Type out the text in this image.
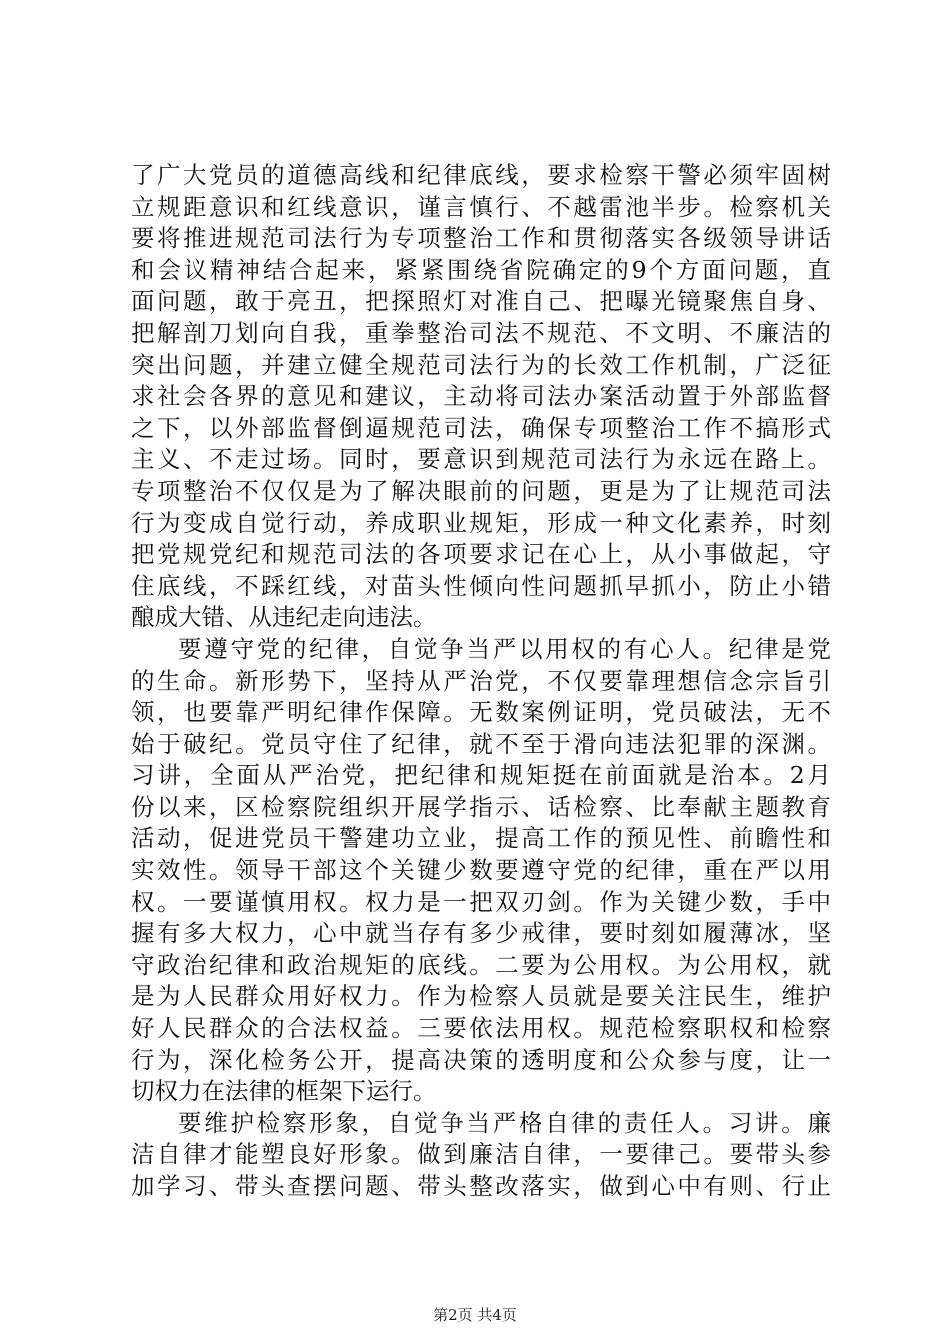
了广大党员的道德高线和纪律底线，要求检察干警必须牢固树
立规距意识和红线意识，谨言慎行、不越雷池半步。检察机关
要将推进规范司法行为专项整治工作和贯彻落实各级领导讲话
和会议精神结合起来，紧紧围绕省院确定的9个方面问题，直
面问题，敢于亮丑，把探照灯对准自己、把曝光镜聚焦自身、
把解剖刀划向自我，重拳整治司法不规范、不文明、不廉洁的
突出问题，并建立健全规范司法行为的长效工作机制，广泛征
求社会各界的意见和建议，主动将司法办案活动置于外部监督
之下，以外部监督倒逼规范司法，确保专项整治工作不搞形式
主义、不走过场。同时，要意识到规范司法行为永远在路上。
专项整治不仅仅是为了解决眼前的问题，更是为了让规范司法
行为变成自觉行动，养成职业规矩，形成一种文化素养，时刻
把党规党纪和规范司法的各项要求记在心上，从小事做起，守
住底线，不踩红线，对苗头性倾向性问题抓早抓小，防止小错
酿成大错、从违纪走向违法。
要遵守党的纪律，自觉争当严以用权的有心人。纪律是党
的生命。新形势下，坚持从严治党，不仅要靠理想信念宗旨引
领，也要靠严明纪律作保障。无数案例证明，党员破法，无不
始于破纪。党员守住了纪律，就不至于滑向违法犯罪的深渊。
习讲，全面从严治党，把纪律和规矩挺在前面就是治本。2月
份以来，区检察院组织开展学指示、话检察、比奉献主题教育
活动，促进党员干警建功立业，提高工作的预见性、前瞻性和
实效性。领导干部这个关键少数要遵守党的纪律，重在严以用
权。一要谨慎用权。权力是一把双刃剑。作为关键少数，手中
握有多大权力，心中就当存有多少戒律，要时刻如履薄冰，坚
守政治纪律和政治规矩的底线。二要为公用权。为公用权，就
是为人民群众用好权力。作为检察人员就是要关注民生，维护
好人民群众的合法权益。三要依法用权。规范检察职权和检察
行为，深化检务公开，提高决策的透明度和公众参与度，让一
切权力在法律的框架下运行。
要维护检察形象，自觉争当严格自律的责任人。习讲。廉
洁自律才能塑良好形象。做到廉洁自律，一要律己。要带头参
加学习、带头查摆问题、带头整改落实，做到心中有则、行止
第2页 共4页
